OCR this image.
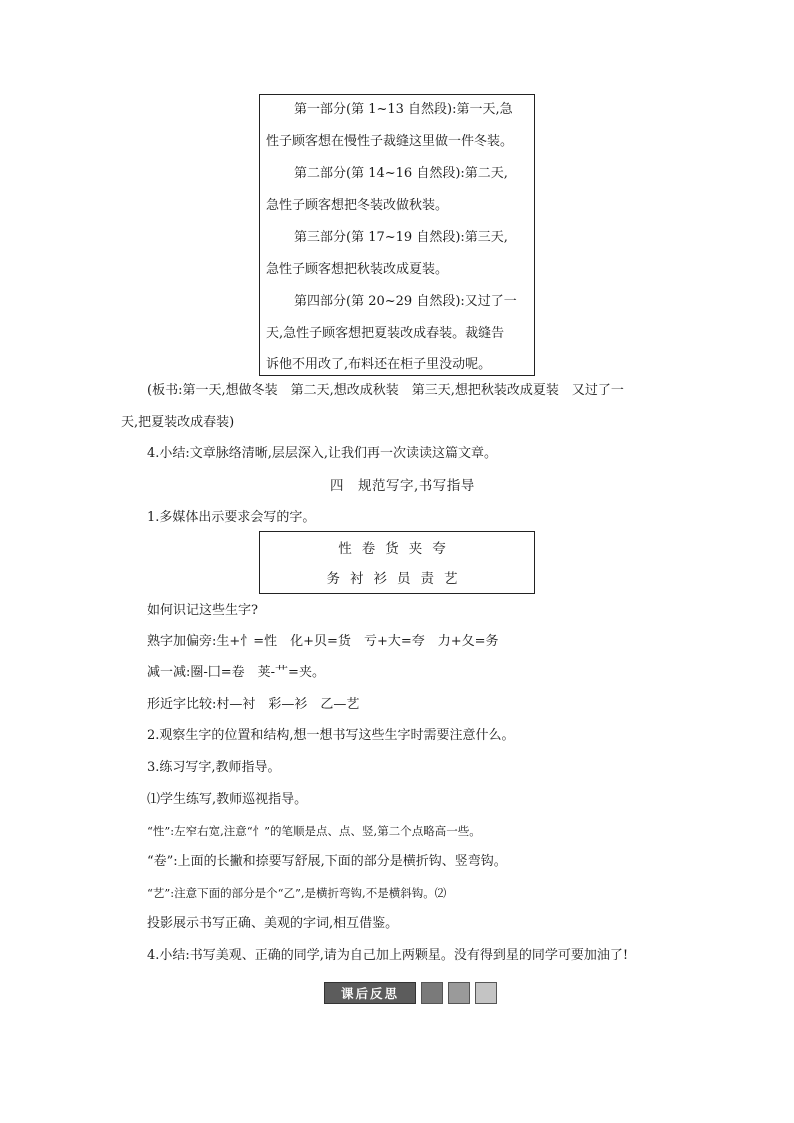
第一部分(第 1~13 自然段):第一天,急
性子顾客想在慢性子裁缝这里做一件冬装。
第二部分(第 14~16 自然段):第二天,
急性子顾客想把冬装改做秋装。
第三部分(第 17~19 自然段):第三天,
急性子顾客想把秋装改成夏装。
第四部分(第 20~29 自然段):又过了一
天,急性子顾客想把夏装改成春装。裁缝告
诉他不用改了,布料还在柜子里没动呢。
(板书:第一天,想做冬装　第二天,想改成秋装　第三天,想把秋装改成夏装　又过了一
天,把夏装改成春装)
4.小结:文章脉络清晰,层层深入,让我们再一次读读这篇文章。
四　规范写字,书写指导
1.多媒体出示要求会写的字。
性卷货夹夸
务衬衫员责艺
如何识记这些生字?
熟字加偏旁:生+忄=性　化+贝=货　亏+大=夸　力+夂=务
减一减:圈-囗=卷　荚-艹=夹。
形近字比较:村—衬　彩—衫　乙—艺
2.观察生字的位置和结构,想一想书写这些生字时需要注意什么。
3.练习写字,教师指导。
⑴学生练写,教师巡视指导。
“性”:左窄右宽,注意“忄”的笔顺是点、点、竖,第二个点略高一些。
“卷”:上面的长撇和捺要写舒展,下面的部分是横折钩、竖弯钩。
“艺”:注意下面的部分是个“乙”,是横折弯钩,不是横斜钩。⑵
投影展示书写正确、美观的字词,相互借鉴。
4.小结:书写美观、正确的同学,请为自己加上两颗星。没有得到星的同学可要加油了!
课后反思
